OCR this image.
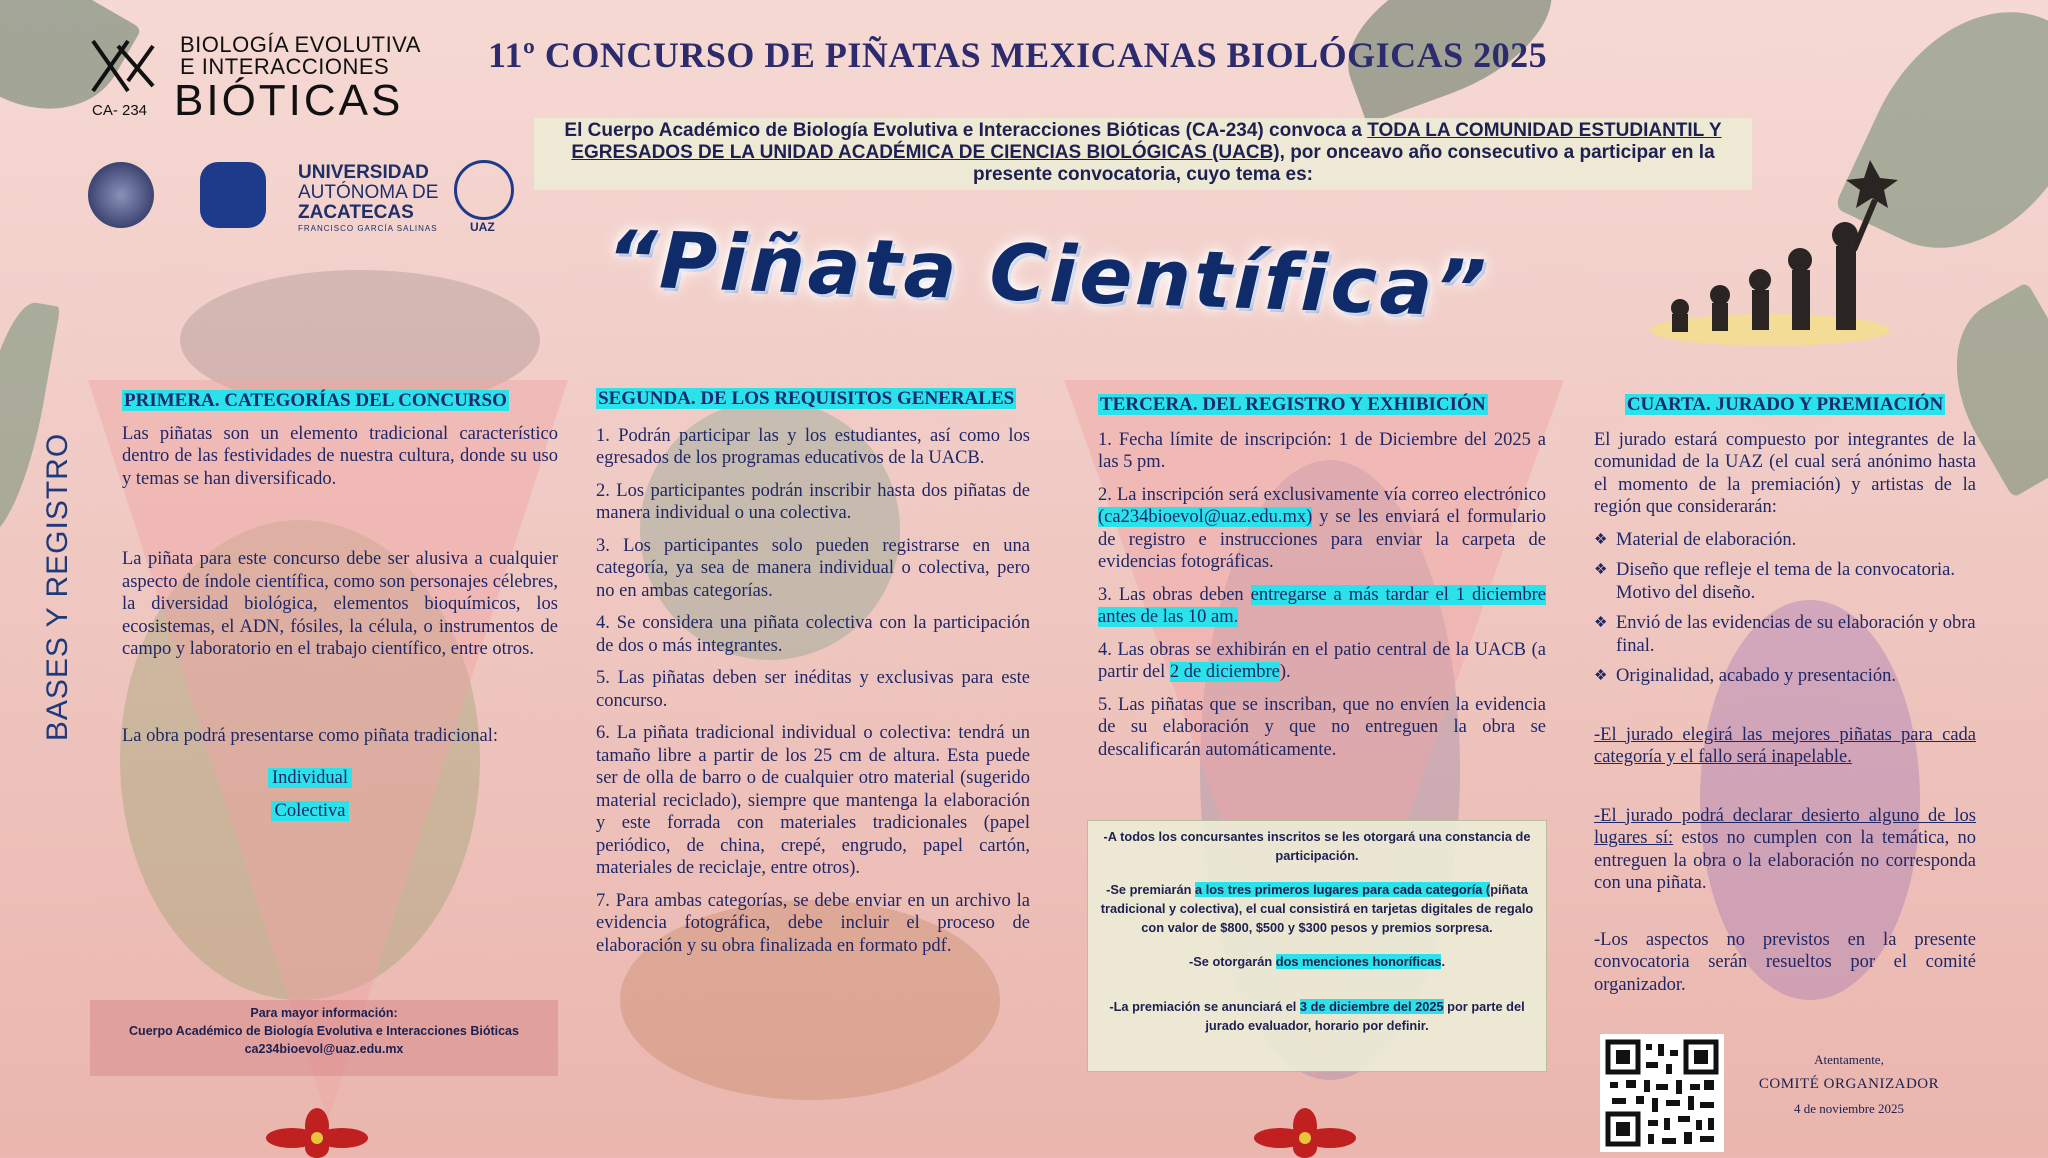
BIOLOGÍA EVOLUTIVA
E INTERACCIONES
BIÓTICAS
CA- 234
UNIVERSIDAD
AUTÓNOMA DE
ZACATECAS
FRANCISCO GARCÍA SALINAS	UAZ
11º CONCURSO DE PIÑATAS MEXICANAS BIOLÓGICAS 2025
El Cuerpo Académico de Biología Evolutiva e Interacciones Bióticas (CA-234) convoca a TODA LA COMUNIDAD ESTUDIANTIL Y EGRESADOS DE LA UNIDAD ACADÉMICA DE CIENCIAS BIOLÓGICAS (UACB), por onceavo año consecutivo a participar en la presente convocatoria, cuyo tema es:
“Piñata Científica”
BASES Y REGISTRO

PRIMERA. CATEGORÍAS DEL CONCURSO

Las piñatas son un elemento tradicional característico dentro de las festividades de nuestra cultura, donde su uso y temas se han diversificado.

La piñata para este concurso debe ser alusiva a cualquier aspecto de índole científica, como son personajes célebres, la diversidad biológica, elementos bioquímicos, los ecosistemas, el ADN, fósiles, la célula, o instrumentos de campo y laboratorio en el trabajo científico, entre otros.

La obra podrá presentarse como piñata tradicional:

Individual

Colectiva

Para mayor información:
Cuerpo Académico de Biología Evolutiva e Interacciones Bióticas
ca234bioevol@uaz.edu.mx

SEGUNDA. DE LOS REQUISITOS GENERALES

1. Podrán participar las y los estudiantes, así como los egresados de los programas educativos de la UACB.

2. Los participantes podrán inscribir hasta dos piñatas de manera individual o una colectiva.

3. Los participantes solo pueden registrarse en una categoría, ya sea de manera individual o colectiva, pero no en ambas categorías.

4. Se considera una piñata colectiva con la participación de dos o más integrantes.

5. Las piñatas deben ser inéditas y exclusivas para este concurso.

6. La piñata tradicional individual o colectiva: tendrá un tamaño libre a partir de los 25 cm de altura. Esta puede ser de olla de barro o de cualquier otro material (sugerido material reciclado), siempre que mantenga la elaboración y este forrada con materiales tradicionales (papel periódico, de china, crepé, engrudo, papel cartón, materiales de reciclaje, entre otros).

7. Para ambas categorías, se debe enviar en un archivo la evidencia fotográfica, debe incluir el proceso de elaboración y su obra finalizada en formato pdf.

TERCERA. DEL REGISTRO Y EXHIBICIÓN

1. Fecha límite de inscripción: 1 de Diciembre del 2025 a las 5 pm.

2. La inscripción será exclusivamente vía correo electrónico (ca234bioevol@uaz.edu.mx) y se les enviará el formulario de registro e instrucciones para enviar la carpeta de evidencias fotográficas.

3. Las obras deben entregarse a más tardar el 1 diciembre antes de las 10 am.

4. Las obras se exhibirán en el patio central de la UACB (a partir del 2 de diciembre).

5. Las piñatas que se inscriban, que no envíen la evidencia de su elaboración y que no entreguen la obra se descalificarán automáticamente.

-A todos los concursantes inscritos se les otorgará una constancia de participación.

-Se premiarán a los tres primeros lugares para cada categoría (piñata tradicional y colectiva), el cual consistirá en tarjetas digitales de regalo con valor de $800, $500 y $300 pesos y premios sorpresa.

-Se otorgarán dos menciones honoríficas.

-La premiación se anunciará el 3 de diciembre del 2025 por parte del jurado evaluador, horario por definir.

CUARTA. JURADO Y PREMIACIÓN

El jurado estará compuesto por integrantes de la comunidad de la UAZ (el cual será anónimo hasta el momento de la premiación) y artistas de la región que considerarán:

❖ Material de elaboración.
❖ Diseño que refleje el tema de la convocatoria. Motivo del diseño.
❖ Envió de las evidencias de su elaboración y obra final.
❖ Originalidad, acabado y presentación.

-El jurado elegirá las mejores piñatas para cada categoría y el fallo será inapelable.

-El jurado podrá declarar desierto alguno de los lugares sí: estos no cumplen con la temática, no entreguen la obra o la elaboración no corresponda con una piñata.

-Los aspectos no previstos en la presente convocatoria serán resueltos por el comité organizador.

Atentamente,
COMITÉ ORGANIZADOR
4 de noviembre 2025
